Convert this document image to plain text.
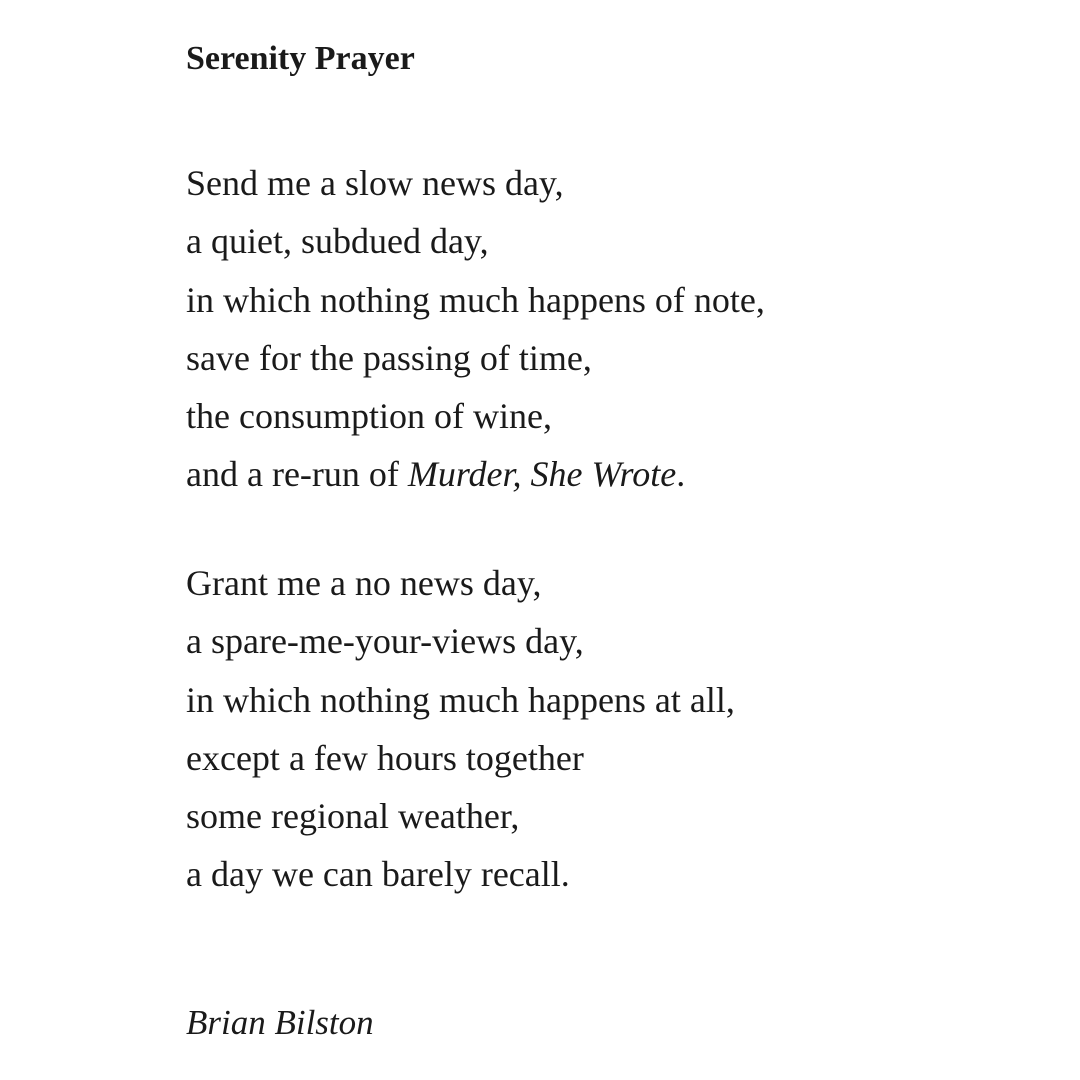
Serenity Prayer
Send me a slow news day,
a quiet, subdued day,
in which nothing much happens of note,
save for the passing of time,
the consumption of wine,
and a re-run of Murder, She Wrote.
Grant me a no news day,
a spare-me-your-views day,
in which nothing much happens at all,
except a few hours together
some regional weather,
a day we can barely recall.

Brian Bilston
